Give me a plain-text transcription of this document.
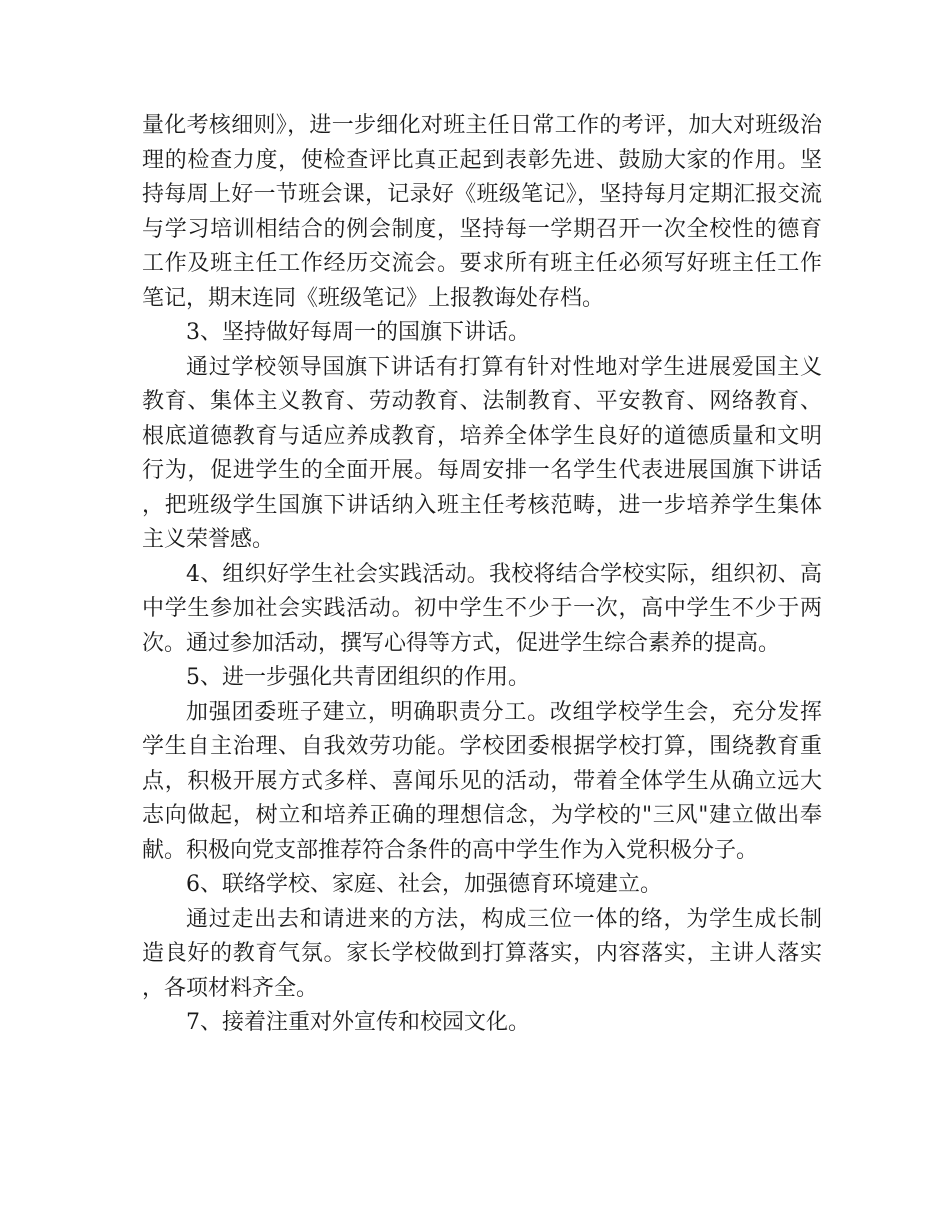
量化考核细则》，进一步细化对班主任日常工作的考评，加大对班级治理的检查力度，使检查评比真正起到表彰先进、鼓励大家的作用。坚持每周上好一节班会课，记录好《班级笔记》，坚持每月定期汇报交流与学习培训相结合的例会制度，坚持每一学期召开一次全校性的德育工作及班主任工作经历交流会。要求所有班主任必须写好班主任工作笔记，期末连同《班级笔记》上报教诲处存档。

3、坚持做好每周一的国旗下讲话。

通过学校领导国旗下讲话有打算有针对性地对学生进展爱国主义教育、集体主义教育、劳动教育、法制教育、平安教育、网络教育、根底道德教育与适应养成教育，培养全体学生良好的道德质量和文明行为，促进学生的全面开展。每周安排一名学生代表进展国旗下讲话，把班级学生国旗下讲话纳入班主任考核范畴，进一步培养学生集体主义荣誉感。

4、组织好学生社会实践活动。我校将结合学校实际，组织初、高中学生参加社会实践活动。初中学生不少于一次，高中学生不少于两次。通过参加活动，撰写心得等方式，促进学生综合素养的提高。

5、进一步强化共青团组织的作用。

加强团委班子建立，明确职责分工。改组学校学生会，充分发挥学生自主治理、自我效劳功能。学校团委根据学校打算，围绕教育重点，积极开展方式多样、喜闻乐见的活动，带着全体学生从确立远大志向做起，树立和培养正确的理想信念，为学校的"三风"建立做出奉献。积极向党支部推荐符合条件的高中学生作为入党积极分子。

6、联络学校、家庭、社会，加强德育环境建立。

通过走出去和请进来的方法，构成三位一体的络，为学生成长制造良好的教育气氛。家长学校做到打算落实，内容落实，主讲人落实，各项材料齐全。

7、接着注重对外宣传和校园文化。
